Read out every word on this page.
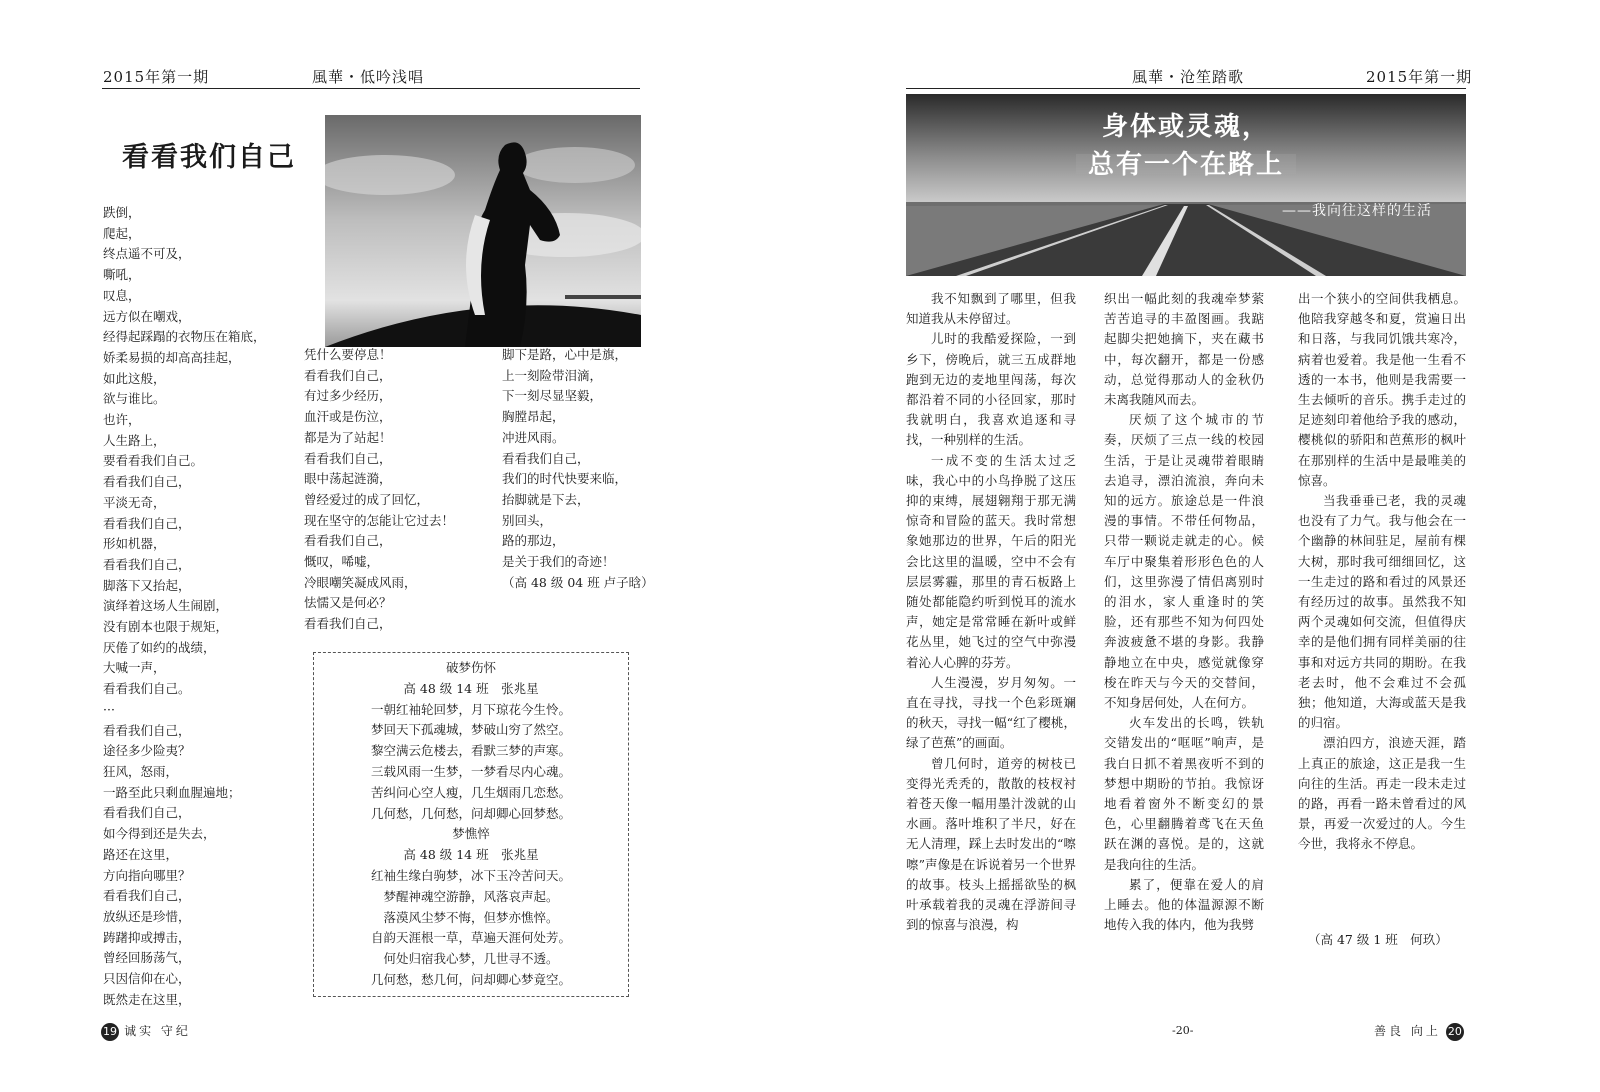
2015年第一期	風華・低吟浅唱
看看我们自己
跌倒，
爬起，
终点遥不可及，
嘶吼，
叹息，
远方似在嘲戏，
经得起踩蹋的衣物压在箱底，
娇柔易损的却高高挂起，
如此这般，
欲与谁比。
也许，
人生路上，
要看看我们自己。
看看我们自己，
平淡无奇，
看看我们自己，
形如机器，
看看我们自己，
脚落下又抬起，
演绎着这场人生闹剧，
没有剧本也限于规矩，
厌倦了如约的战绩，
大喊一声，
看看我们自己。
···
看看我们自己，
途径多少险夷？
狂风，怒雨，
一路至此只剩血腥遍地；
看看我们自己，
如今得到还是失去，
路还在这里，
方向指向哪里？
看看我们自己，
放纵还是珍惜，
踌躇抑或搏击，
曾经回肠荡气，
只因信仰在心，
既然走在这里，
凭什么要停息！
看看我们自己，
有过多少经历，
血汗或是伤泣，
都是为了站起！
看看我们自己，
眼中荡起涟漪，
曾经爱过的成了回忆，
现在坚守的怎能让它过去！
看看我们自己，
慨叹，唏嘘，
冷眼嘲笑凝成风雨，
怯懦又是何必？
看看我们自己，
脚下是路，心中是旗，
上一刻险带泪滴，
下一刻尽显坚毅，
胸膛昂起，
冲进风雨。
看看我们自己，
我们的时代快要来临，
抬脚就是下去，
别回头，
路的那边，
是关于我们的奇迹！
（高 48 级 04 班 卢子晗）
破梦伤怀
高 48 级 14 班　张兆星
一朝红袖轮回梦，月下琼花今生怜。
梦回天下孤魂城，梦破山穷了然空。
黎空满云危楼去，看默三梦的声寒。
三载风雨一生梦，一梦看尽内心魂。
苦纠问心空人瘦，几生烟雨几恋愁。
几何愁，几何愁，问却卿心回梦愁。
梦憔悴
高 48 级 14 班　张兆星
红袖生缘白驹梦，冰下玉冷苦问天。
梦醒神魂空游静，风落哀声起。
落漠风尘梦不悔，但梦亦憔悴。
自韵天涯根一草，草遍天涯何处芳。
何处归宿我心梦，几世寻不透。
几何愁，愁几何，问却卿心梦竟空。
19 诚实 守纪
風華・沧笙踏歌	2015年第一期
身体或灵魂，
总有一个在路上
——我向往这样的生活

我不知飘到了哪里，但我知道我从未停留过。

儿时的我酷爱探险，一到乡下，傍晚后，就三五成群地跑到无边的麦地里闯荡，每次都沿着不同的小径回家，那时我就明白，我喜欢追逐和寻找，一种别样的生活。

一成不变的生活太过乏味，我心中的小鸟挣脱了这压抑的束缚，展翅翱翔于那无满惊奇和冒险的蓝天。我时常想象她那边的世界，午后的阳光会比这里的温暖，空中不会有层层雾霾，那里的青石板路上随处都能隐约听到悦耳的流水声，她定是常常睡在新叶或鲜花丛里，她飞过的空气中弥漫着沁人心脾的芬芳。

人生漫漫，岁月匆匆。一直在寻找，寻找一个色彩斑斓的秋天，寻找一幅“红了樱桃，绿了芭蕉”的画面。

曾几何时，道旁的树枝已变得光秃秃的，散散的枝杈衬着苍天像一幅用墨汁泼就的山水画。落叶堆积了半尺，好在无人清理，踩上去时发出的“嚓嚓”声像是在诉说着另一个世界的故事。枝头上摇摇欲坠的枫叶承载着我的灵魂在浮游间寻到的惊喜与浪漫，构

织出一幅此刻的我魂牵梦萦苦苦追寻的丰盈图画。我踮起脚尖把她摘下，夹在藏书中，每次翻开，都是一份感动，总觉得那动人的金秋仍未离我随风而去。

厌烦了这个城市的节奏，厌烦了三点一线的校园生活，于是让灵魂带着眼睛去追寻，漂泊流浪，奔向未知的远方。旅途总是一件浪漫的事情。不带任何物品，只带一颗说走就走的心。候车厅中聚集着形形色色的人们，这里弥漫了情侣离别时的泪水，家人重逢时的笑脸，还有那些不知为何四处奔波疲惫不堪的身影。我静静地立在中央，感觉就像穿梭在昨天与今天的交替间，不知身居何处，人在何方。

火车发出的长鸣，铁轨交错发出的“哐哐”响声，是我白日抓不着黑夜听不到的梦想中期盼的节拍。我惊讶地看着窗外不断变幻的景色，心里翻腾着鸢飞在天鱼跃在渊的喜悦。是的，这就是我向往的生活。

累了，便靠在爱人的肩上睡去。他的体温源源不断地传入我的体内，他为我劈

出一个狭小的空间供我栖息。他陪我穿越冬和夏，赏遍日出和日落，与我同饥饿共寒冷，病着也爱着。我是他一生看不透的一本书，他则是我需要一生去倾听的音乐。携手走过的足迹刻印着他给予我的感动，樱桃似的骄阳和芭蕉形的枫叶在那别样的生活中是最唯美的惊喜。

当我垂垂已老，我的灵魂也没有了力气。我与他会在一个幽静的林间驻足，屋前有棵大树，那时我可细细回忆，这一生走过的路和看过的风景还有经历过的故事。虽然我不知两个灵魂如何交流，但值得庆幸的是他们拥有同样美丽的往事和对远方共同的期盼。在我老去时，他不会难过不会孤独；他知道，大海或蓝天是我的归宿。

漂泊四方，浪迹天涯，踏上真正的旅途，这正是我一生向往的生活。再走一段未走过的路，再看一路未曾看过的风景，再爱一次爱过的人。今生今世，我将永不停息。

（高 47 级 1 班　何玖）
-20-	善良 向上 20
